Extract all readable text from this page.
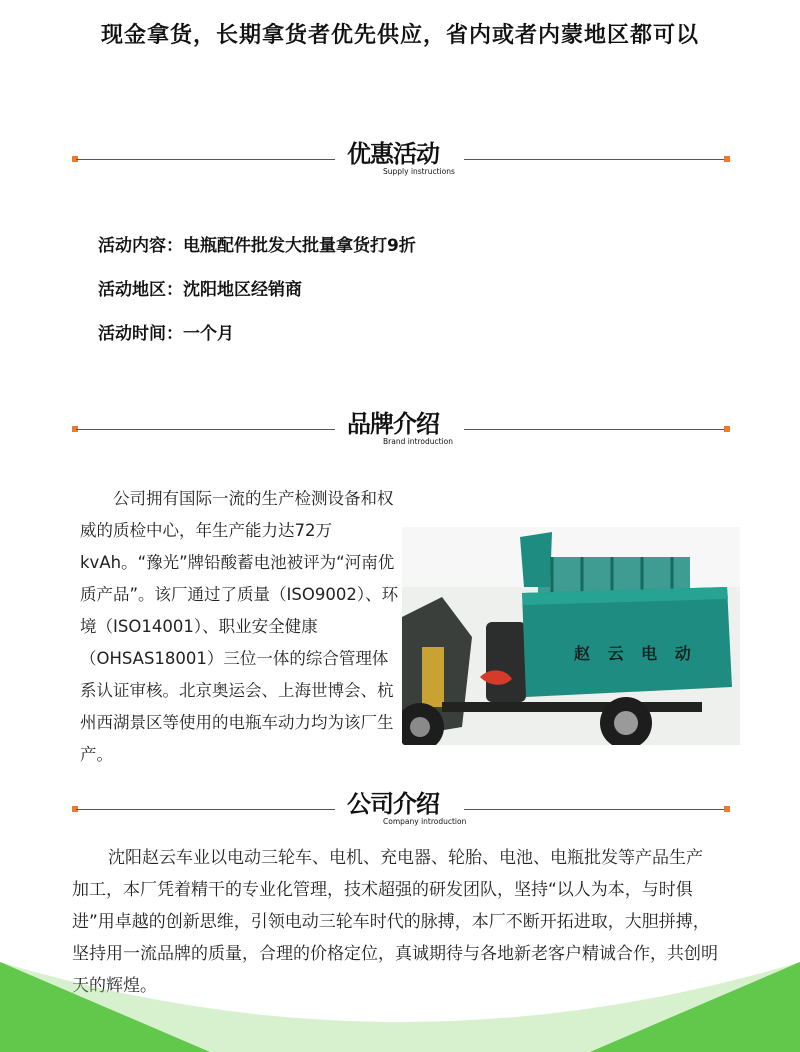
现金拿货，长期拿货者优先供应，省内或者内蒙地区都可以
优惠活动
Supply instructions
活动内容：电瓶配件批发大批量拿货打9折
活动地区：沈阳地区经销商
活动时间：一个月
品牌介绍
Brand introduction
公司拥有国际一流的生产检测设备和权威的质检中心，年生产能力达72万kvAh。“豫光”牌铅酸蓄电池被评为“河南优质产品”。该厂通过了质量（ISO9002）、环境（ISO14001）、职业安全健康（OHSAS18001）三位一体的综合管理体系认证审核。北京奥运会、上海世博会、杭州西湖景区等使用的电瓶车动力均为该厂生产。
赵 云 电 动
公司介绍
Company introduction
沈阳赵云车业以电动三轮车、电机、充电器、轮胎、电池、电瓶批发等产品生产加工，本厂凭着精干的专业化管理，技术超强的研发团队，坚持“以人为本，与时俱进”用卓越的创新思维，引领电动三轮车时代的脉搏，本厂不断开拓进取，大胆拼搏，坚持用一流品牌的质量，合理的价格定位，真诚期待与各地新老客户精诚合作，共创明天的辉煌。
